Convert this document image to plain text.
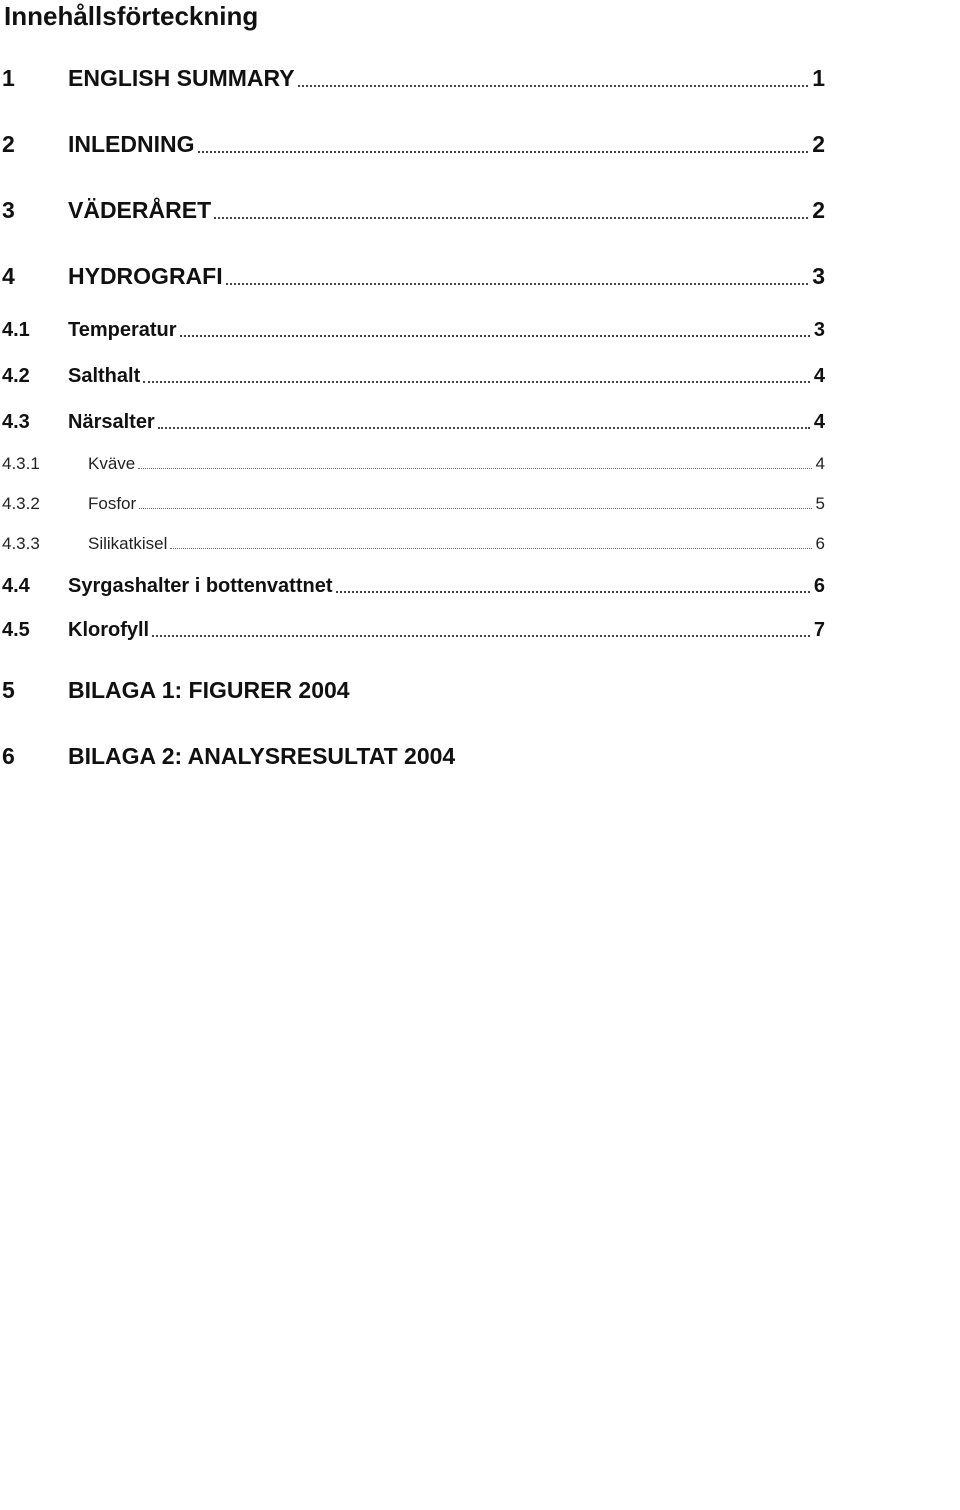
Innehållsförteckning
1 ENGLISH SUMMARY	1
2 INLEDNING	2
3 VÄDERÅRET	2
4 HYDROGRAFI	3
4.1 Temperatur	3
4.2 Salthalt	4
4.3 Närsalter	4
4.3.1	Kväve	4
4.3.2	Fosfor	5
4.3.3	Silikatkisel	6
4.4 Syrgashalter i bottenvattnet	6
4.5 Klorofyll	7
5 BILAGA 1: FIGURER 2004
6 BILAGA 2: ANALYSRESULTAT 2004
